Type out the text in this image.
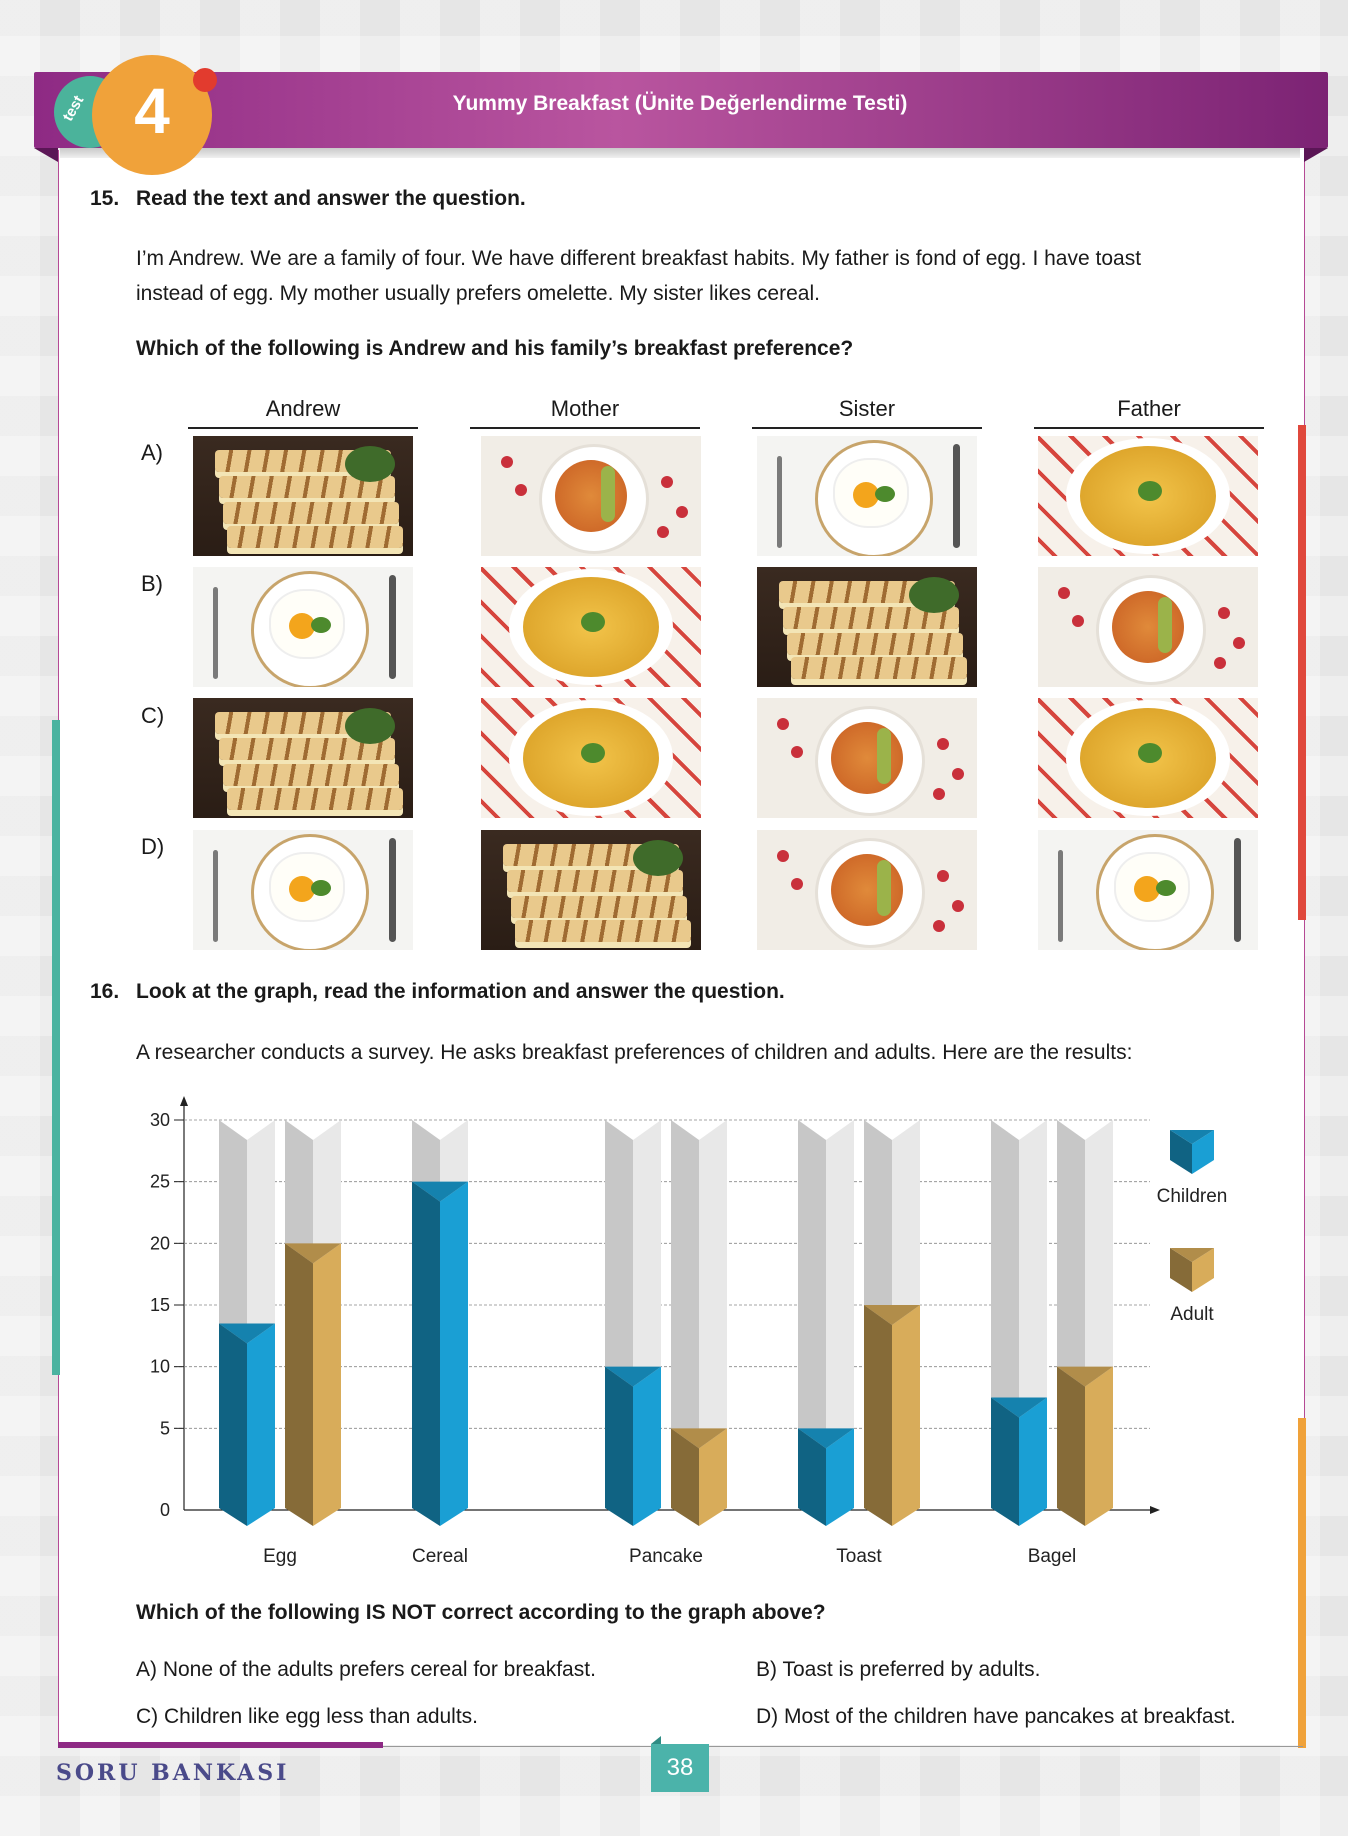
test 4	Yummy Breakfast (Ünite Değerlendirme Testi)
15. Read the text and answer the question.
I’m Andrew. We are a family of four. We have different breakfast habits. My father is fond of egg. I have toast
instead of egg. My mother usually prefers omelette. My sister likes cereal.
Which of the following is Andrew and his family’s breakfast preference?
Andrew	Mother	Sister	Father
A)
B)
C)
D)
16. Look at the graph, read the information and answer the question.
A researcher conducts a survey. He asks breakfast preferences of children and adults. Here are the results:
0
5
10
15
20
25
30
Egg	Cereal	Pancake	Toast	Bagel
Children
Adult
Which of the following IS NOT correct according to the graph above?
A) None of the adults prefers cereal for breakfast.	B) Toast is preferred by adults.
C) Children like egg less than adults.	D) Most of the children have pancakes at breakfast.
38
SORU BANKASI
